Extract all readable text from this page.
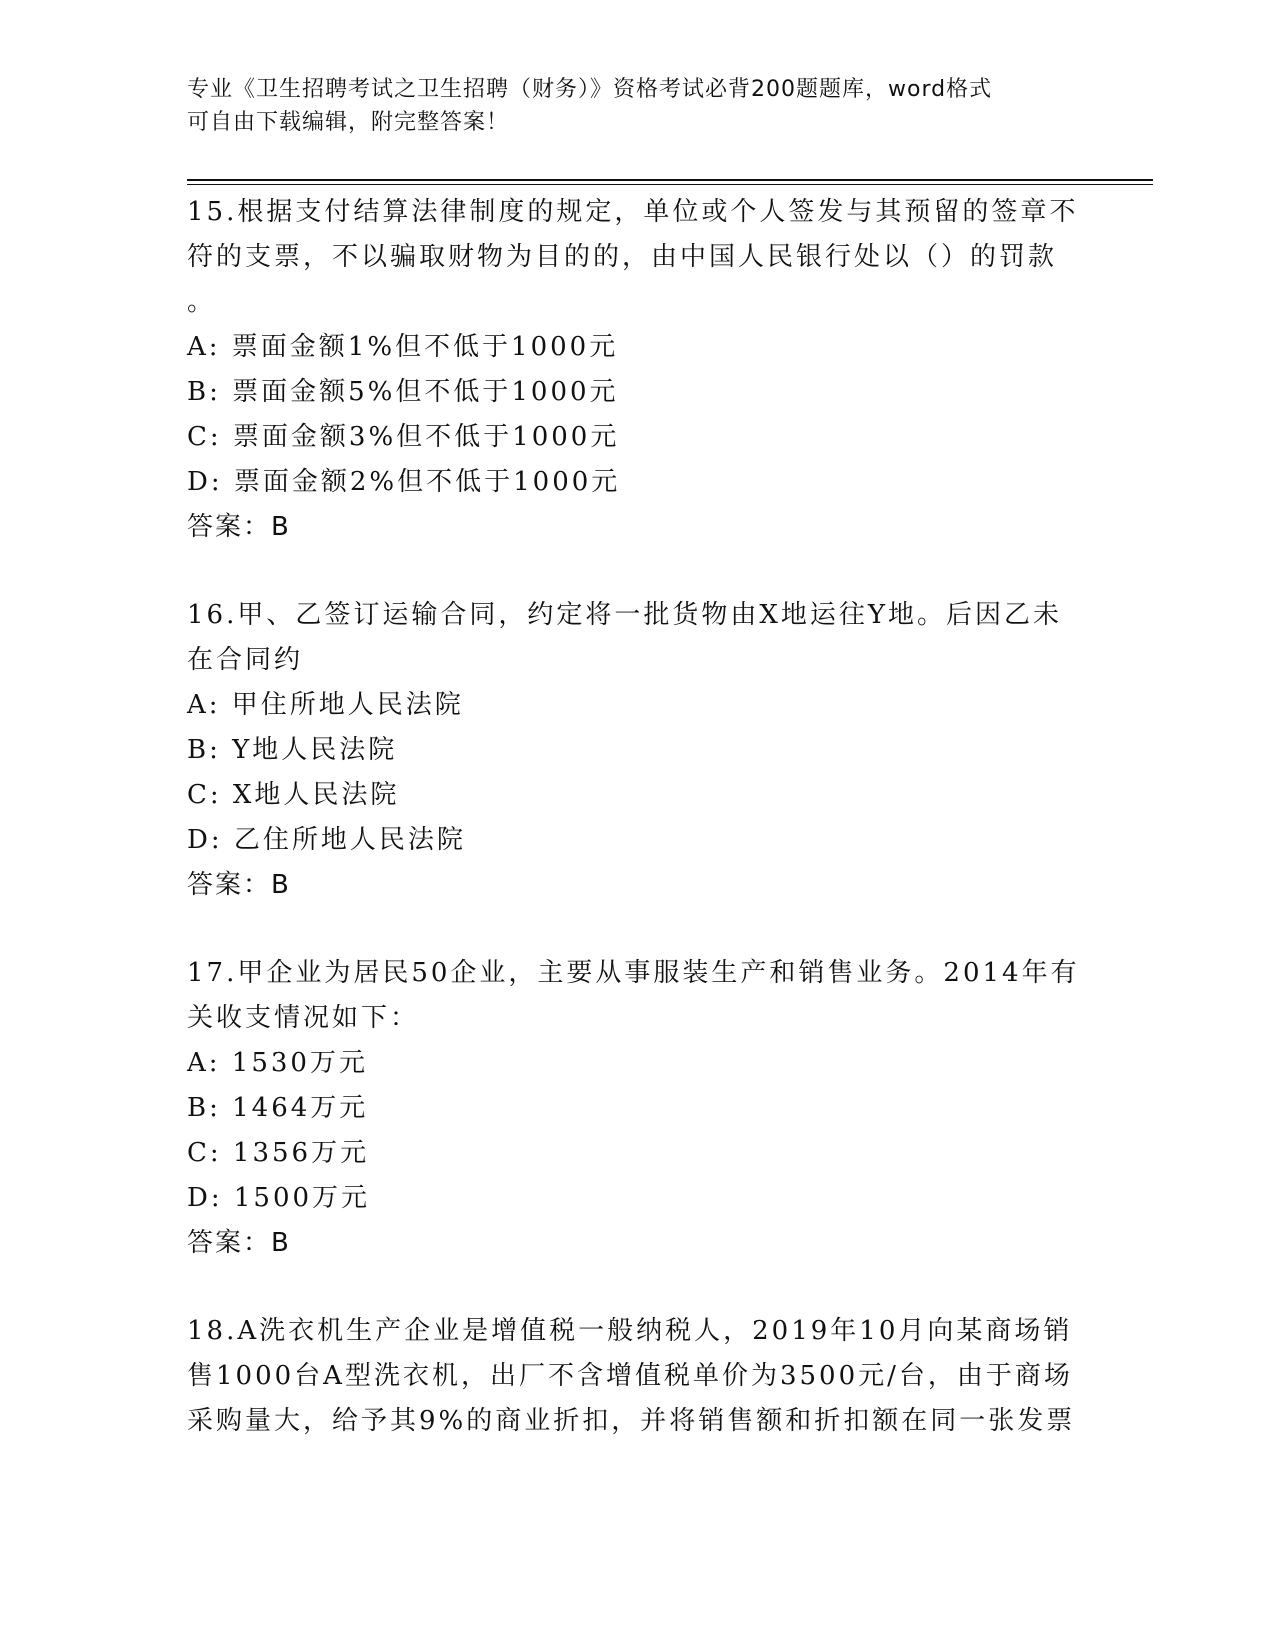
专业《卫生招聘考试之卫生招聘（财务）》资格考试必背200题题库，word格式
可自由下载编辑，附完整答案！
15.根据支付结算法律制度的规定，单位或个人签发与其预留的签章不
符的支票，不以骗取财物为目的的，由中国人民银行处以（）的罚款
。
A: 票面金额1%但不低于1000元
B: 票面金额5%但不低于1000元
C: 票面金额3%但不低于1000元
D: 票面金额2%但不低于1000元
答案：B
16.甲、乙签订运输合同，约定将一批货物由X地运往Y地。后因乙未
在合同约
A: 甲住所地人民法院
B: Y地人民法院
C: X地人民法院
D: 乙住所地人民法院
答案：B
17.甲企业为居民50企业，主要从事服装生产和销售业务。2014年有
关收支情况如下：
A: 1530万元
B: 1464万元
C: 1356万元
D: 1500万元
答案：B
18.A洗衣机生产企业是增值税一般纳税人，2019年10月向某商场销
售1000台A型洗衣机，出厂不含增值税单价为3500元/台，由于商场
采购量大，给予其9%的商业折扣，并将销售额和折扣额在同一张发票
